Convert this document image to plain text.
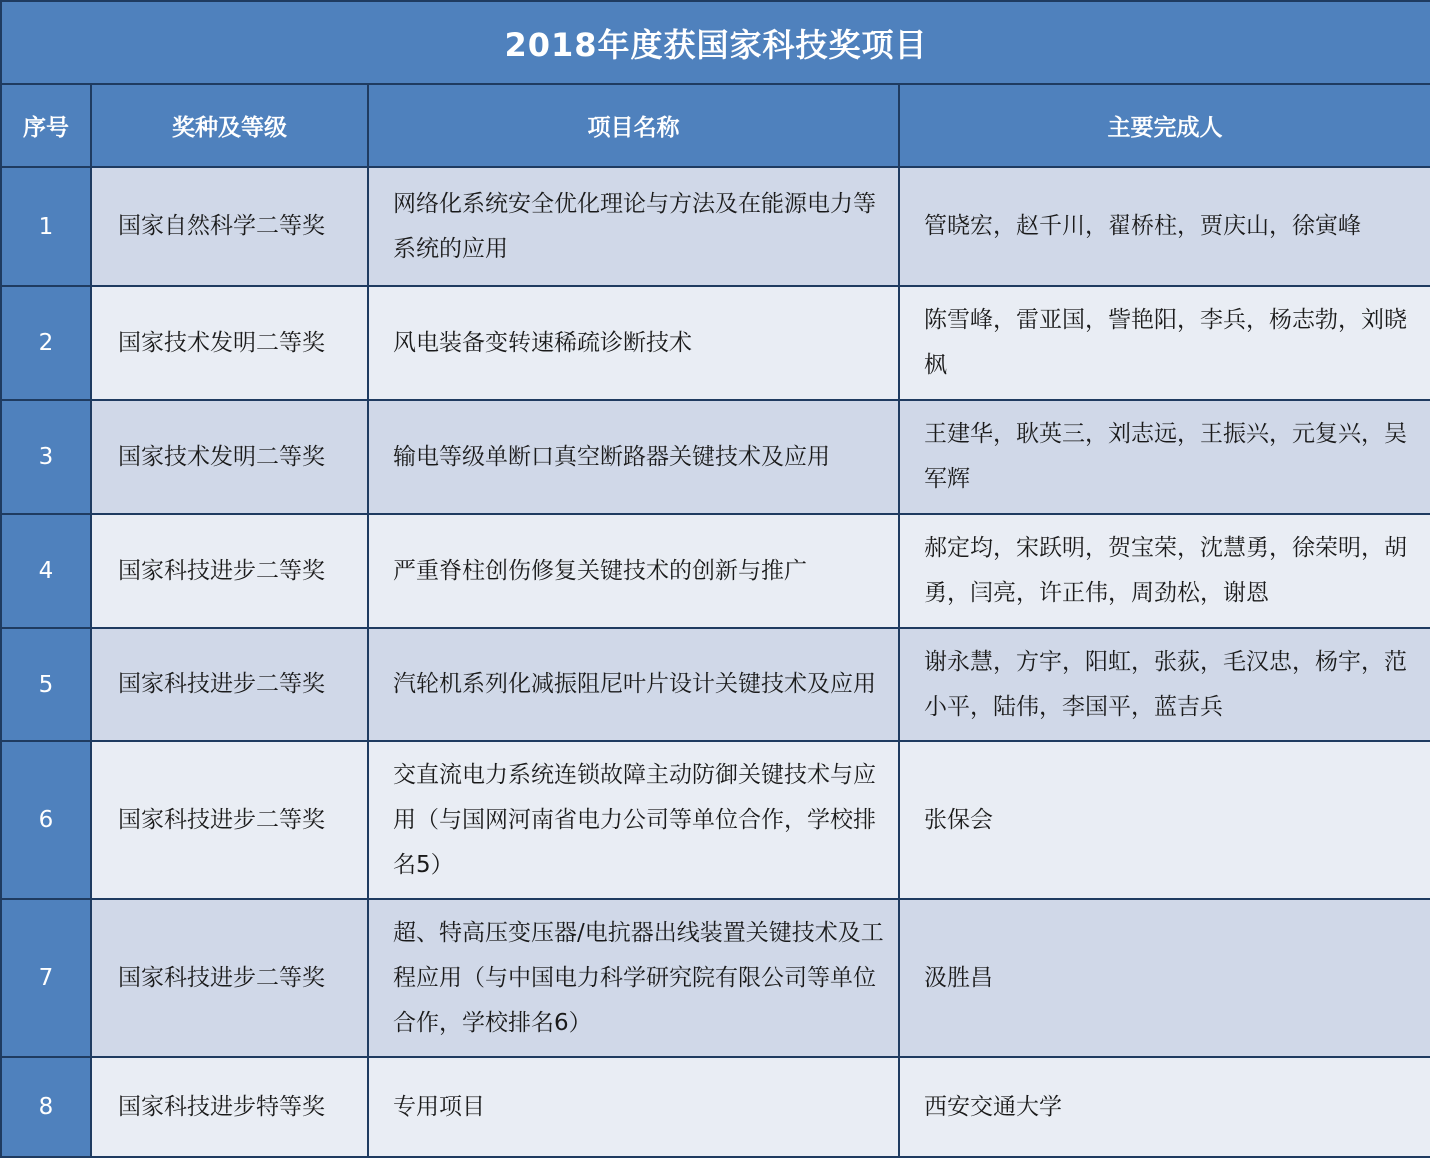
2018年度获国家科技奖项目			
序号	奖种及等级	项目名称	主要完成人
1	国家自然科学二等奖	网络化系统安全优化理论与方法及在能源电力等系统的应用	管晓宏，赵千川，翟桥柱，贾庆山，徐寅峰
2	国家技术发明二等奖	风电装备变转速稀疏诊断技术	陈雪峰，雷亚国，訾艳阳，李兵，杨志勃，刘晓枫
3	国家技术发明二等奖	输电等级单断口真空断路器关键技术及应用	王建华，耿英三，刘志远，王振兴，元复兴，吴军辉
4	国家科技进步二等奖	严重脊柱创伤修复关键技术的创新与推广	郝定均，宋跃明，贺宝荣，沈慧勇，徐荣明，胡勇，闫亮，许正伟，周劲松，谢恩
5	国家科技进步二等奖	汽轮机系列化减振阻尼叶片设计关键技术及应用	谢永慧，方宇，阳虹，张荻，毛汉忠，杨宇，范小平，陆伟，李国平，蓝吉兵
6	国家科技进步二等奖	交直流电力系统连锁故障主动防御关键技术与应用（与国网河南省电力公司等单位合作，学校排名5）	张保会
7	国家科技进步二等奖	超、特高压变压器/电抗器出线装置关键技术及工程应用（与中国电力科学研究院有限公司等单位合作，学校排名6）	汲胜昌
8	国家科技进步特等奖	专用项目	西安交通大学
